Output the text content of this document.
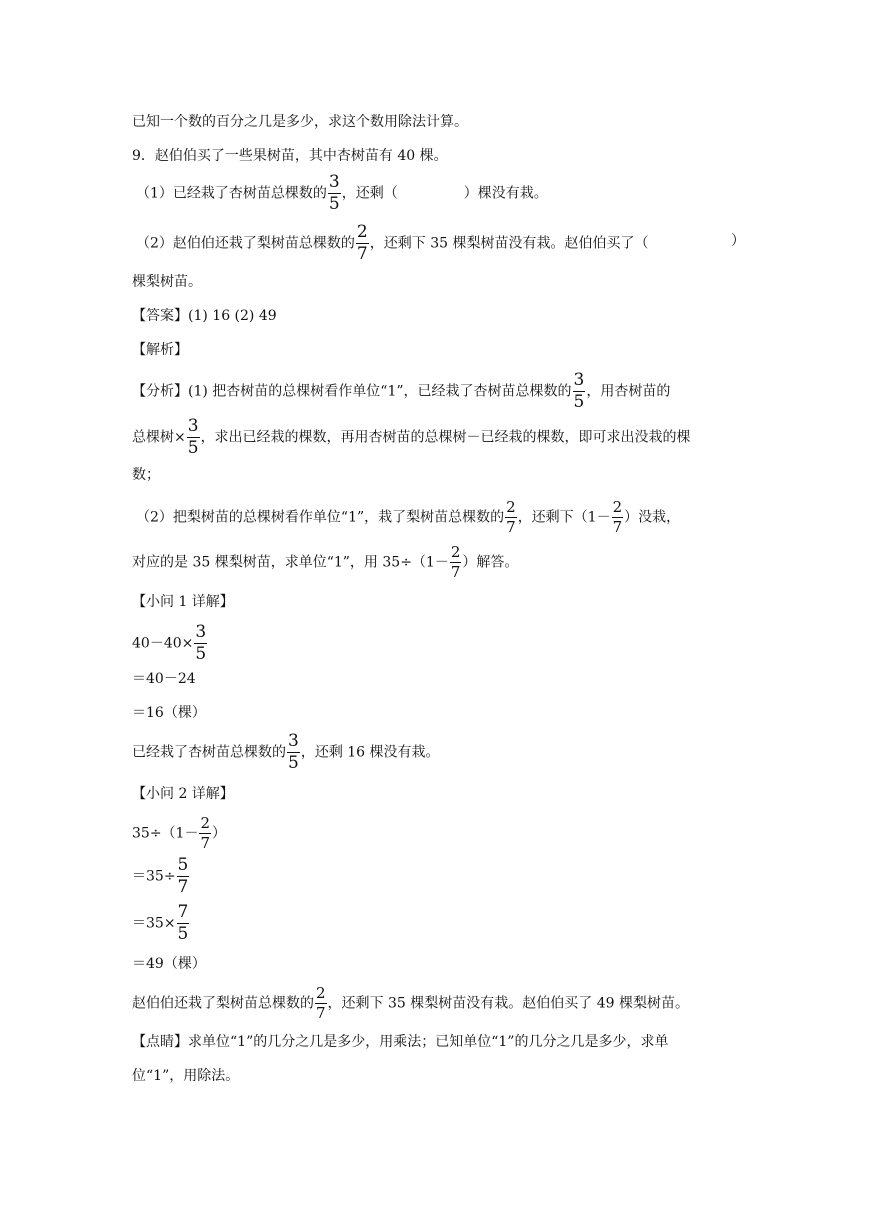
已知一个数的百分之几是多少，求这个数用除法计算。
9．赵伯伯买了一些果树苗，其中杏树苗有 40 棵。
（1）已经栽了杏树苗总棵数的 $\frac{3}{5}$ ，还剩（	）棵没有栽。
（2）赵伯伯还栽了梨树苗总棵数的 $\frac{2}{7}$ ，还剩下 35 棵梨树苗没有栽。赵伯伯买了（	）
棵梨树苗。
【答案】(1) 16 (2) 49
【解析】
【分析】(1) 把杏树苗的总棵树看作单位“1”，已经栽了杏树苗总棵数的 $\frac{3}{5}$ ，用杏树苗的
总棵树× $\frac{3}{5}$ ，求出已经栽的棵数，再用杏树苗的总棵树－已经栽的棵数，即可求出没栽的棵
数；
（2）把梨树苗的总棵树看作单位“1”，栽了梨树苗总棵数的 $\frac{2}{7}$ ，还剩下（$1- \frac{2}{7}$ ）没栽，
对应的是 35 棵梨树苗，求单位“1”，用 $35\div(1- \frac{2}{7}$ ）解答。
【小问 1 详解】
$40-40\times \frac{3}{5}$
＝40－24
＝16（棵）
已经栽了杏树苗总棵数的 $\frac{3}{5}$ ，还剩 16 棵没有栽。
【小问 2 详解】
$35\div(1- \frac{2}{7}$ ）
$=35\div \frac{5}{7}$
$=35\times \frac{7}{5}$
＝49（棵）
赵伯伯还栽了梨树苗总棵数的 $\frac{2}{7}$ ，还剩下 35 棵梨树苗没有栽。赵伯伯买了 49 棵梨树苗。
【点睛】求单位“1”的几分之几是多少，用乘法；已知单位“1”的几分之几是多少，求单
位“1”，用除法。
